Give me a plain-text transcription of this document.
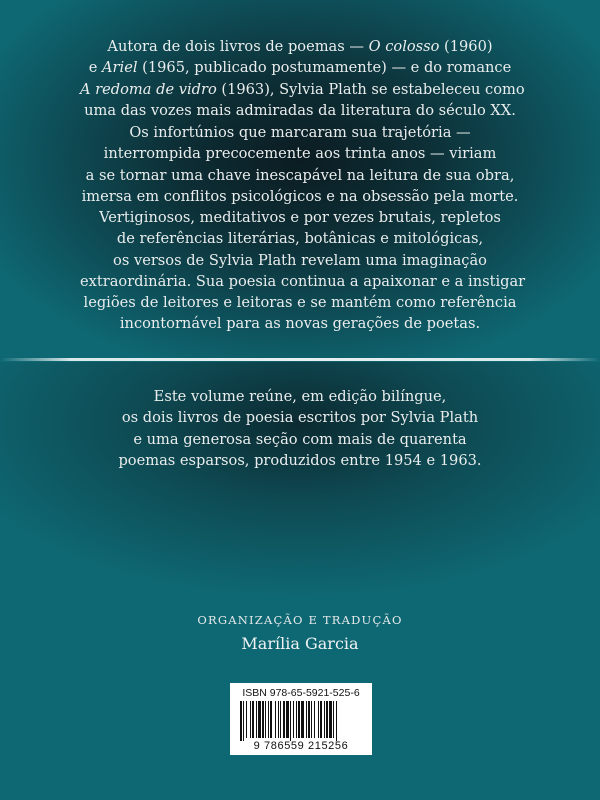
Autora de dois livros de poemas — O colosso (1960)
e Ariel (1965, publicado postumamente) — e do romance
A redoma de vidro (1963), Sylvia Plath se estabeleceu como
uma das vozes mais admiradas da literatura do século XX.

Os infortúnios que marcaram sua trajetória —
interrompida precocemente aos trinta anos — viriam
a se tornar uma chave inescapável na leitura de sua obra,
imersa em conflitos psicológicos e na obsessão pela morte.

Vertiginosos, meditativos e por vezes brutais, repletos
de referências literárias, botânicas e mitológicas,
os versos de Sylvia Plath revelam uma imaginação
extraordinária. Sua poesia continua a apaixonar e a instigar
legiões de leitores e leitoras e se mantém como referência
incontornável para as novas gerações de poetas.

Este volume reúne, em edição bilíngue,
os dois livros de poesia escritos por Sylvia Plath
e uma generosa seção com mais de quarenta
poemas esparsos, produzidos entre 1954 e 1963.

ORGANIZAÇÃO E TRADUÇÃO

Marília Garcia

ISBN 978-65-5921-525-6
9 786559 215256
